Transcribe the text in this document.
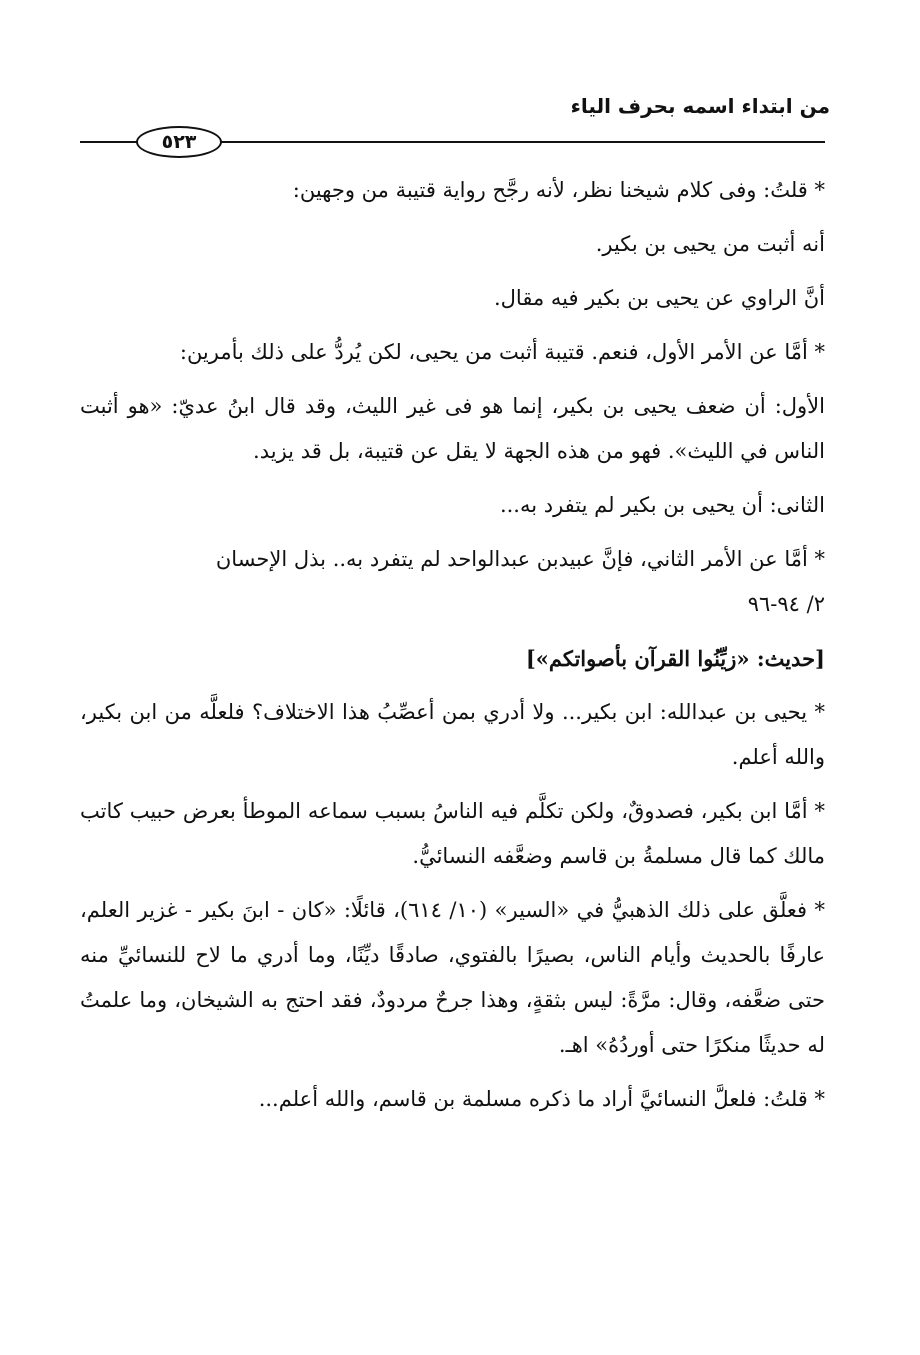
من ابتداء اسمه بحرف الياء
٥٢٣

* قلتُ: وفى كلام شيخنا نظر، لأنه رجَّح رواية قتيبة من وجهين:

أنه أثبت من يحيى بن بكير.

أنَّ الراوي عن يحيى بن بكير فيه مقال.

* أمَّا عن الأمر الأول، فنعم. قتيبة أثبت من يحيى، لكن يُردُّ على ذلك بأمرين:

الأول: أن ضعف يحيى بن بكير، إنما هو فى غير الليث، وقد قال ابنُ عديّ: «هو أثبت الناس في الليث». فهو من هذه الجهة لا يقل عن قتيبة، بل قد يزيد.

الثانى: أن يحيى بن بكير لم يتفرد به...

* أمَّا عن الأمر الثاني، فإنَّ عبيدبن عبدالواحد لم يتفرد به.. بذل الإحسان

٢/ ٩٤-٩٦

[حديث: «زيِّنُوا القرآن بأصواتكم»]

* يحيى بن عبدالله: ابن بكير... ولا أدري بمن أعصِّبُ هذا الاختلاف؟ فلعلَّه من ابن بكير، والله أعلم.

* أمَّا ابن بكير، فصدوقٌ، ولكن تكلَّم فيه الناسُ بسبب سماعه الموطأ بعرض حبيب كاتب مالك كما قال مسلمةُ بن قاسم وضعَّفه النسائيُّ.

* فعلَّق على ذلك الذهبيُّ في «السير» (١٠/ ٦١٤)، قائلًا: «كان - ابنَ بكير - غزير العلم، عارفًا بالحديث وأيام الناس، بصيرًا بالفتوي، صادقًا ديِّنًا، وما أدري ما لاح للنسائيِّ منه حتى ضعَّفه، وقال: مرَّةً: ليس بثقةٍ، وهذا جرحٌ مردودٌ، فقد احتج به الشيخان، وما علمتُ له حديثًا منكرًا حتى أوردُهُ» اهـ.

* قلتُ: فلعلَّ النسائيَّ أراد ما ذكره مسلمة بن قاسم، والله أعلم...
